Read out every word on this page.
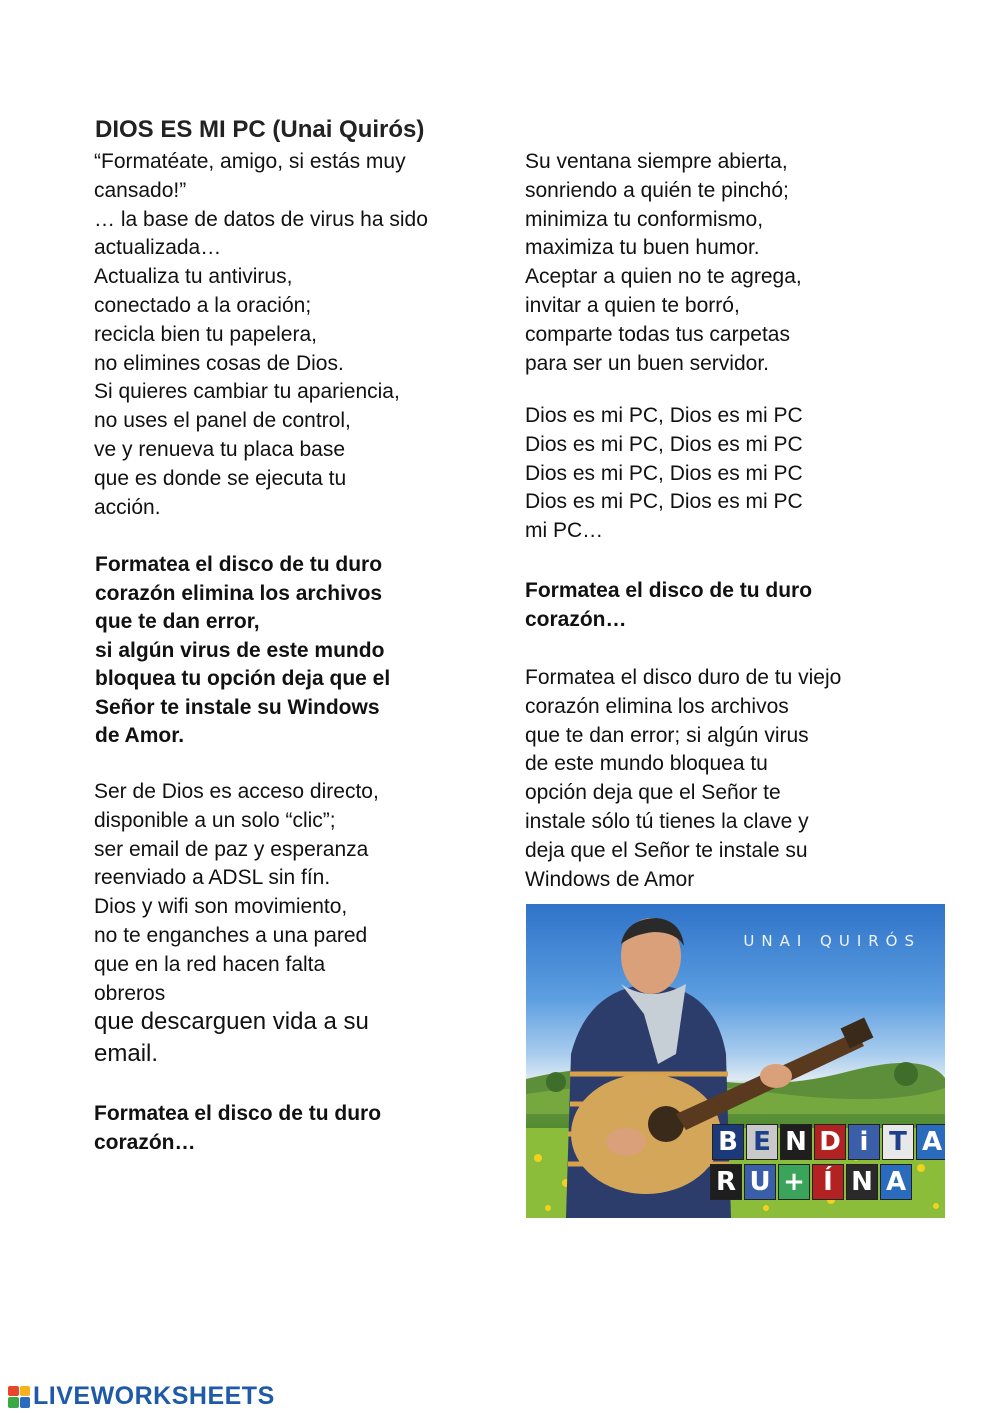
DIOS ES MI PC (Unai Quirós)
“Formatéate, amigo, si estás muy
cansado!”
… la base de datos de virus ha sido
actualizada…
Actualiza tu antivirus,
conectado a la oración;
recicla bien tu papelera,
no elimines cosas de Dios.
Si quieres cambiar tu apariencia,
no uses el panel de control,
ve y renueva tu placa base
que es donde se ejecuta tu
acción.
Formatea el disco de tu duro
corazón elimina los archivos
que te dan error,
si algún virus de este mundo
bloquea tu opción deja que el
Señor te instale su Windows
de Amor.
Ser de Dios es acceso directo,
disponible a un solo “clic”;
ser email de paz y esperanza
reenviado a ADSL sin fín.
Dios y wifi son movimiento,
no te enganches a una pared
que en la red hacen falta
obreros
que descarguen vida a su
email.
Formatea el disco de tu duro
corazón…
Su ventana siempre abierta,
sonriendo a quién te pinchó;
minimiza tu conformismo,
maximiza tu buen humor.
Aceptar a quien no te agrega,
invitar a quien te borró,
comparte todas tus carpetas
para ser un buen servidor.
Dios es mi PC, Dios es mi PC
Dios es mi PC, Dios es mi PC
Dios es mi PC, Dios es mi PC
Dios es mi PC, Dios es mi PC
mi PC…
Formatea el disco de tu duro
corazón…
Formatea el disco duro de tu viejo
corazón elimina los archivos
que te dan error; si algún virus
de este mundo bloquea tu
opción deja que el Señor te
instale sólo tú tienes la clave y
deja que el Señor te instale su
Windows de Amor
UNAI QUIRÓS
B E N D i T A
R U + Í N A
LIVEWORKSHEETS
